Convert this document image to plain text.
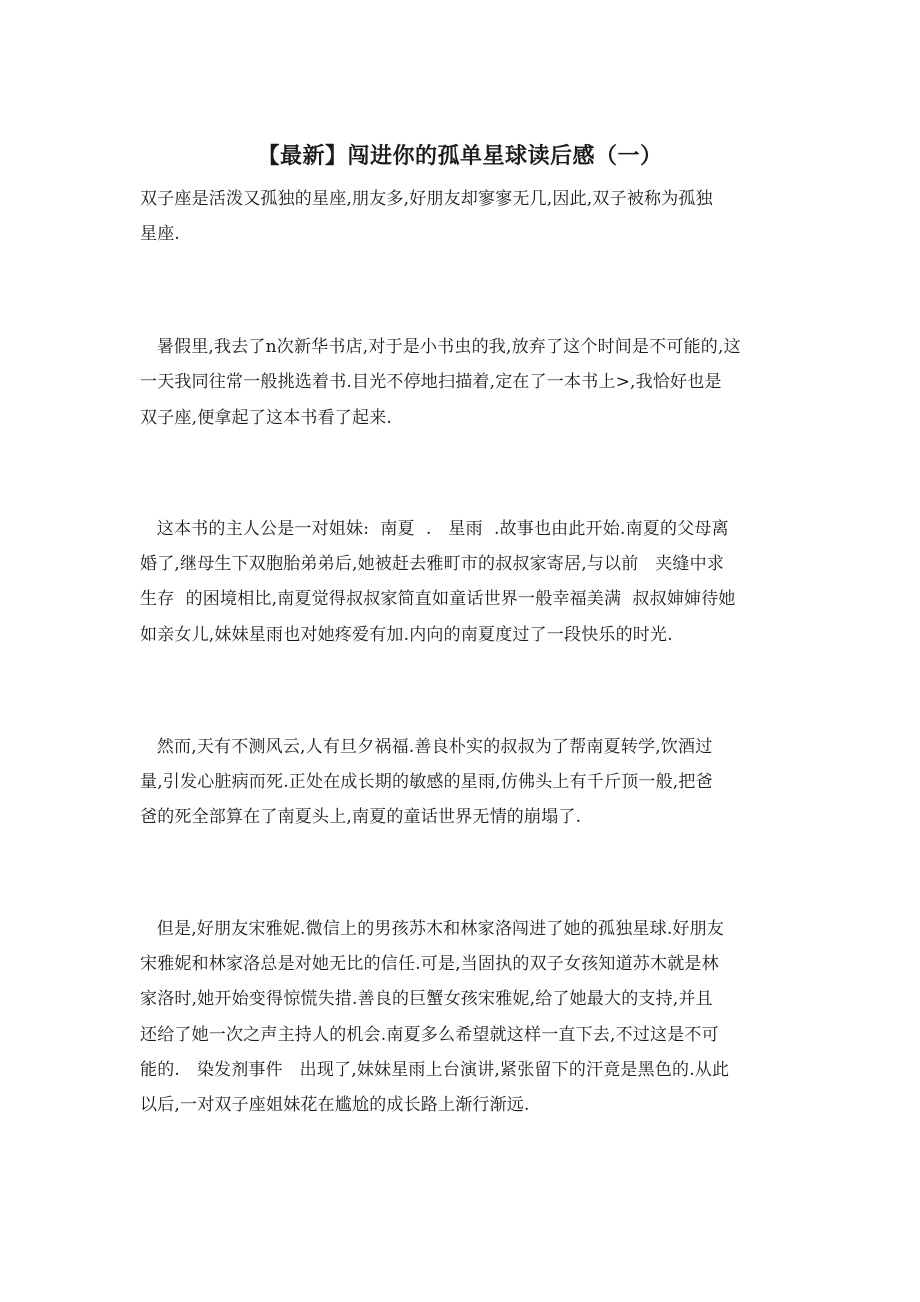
【最新】闯进你的孤单星球读后感（一）
双子座是活泼又孤独的星座,朋友多,好朋友却寥寥无几,因此,双子被称为孤独
星座.
暑假里,我去了n次新华书店,对于是小书虫的我,放弃了这个时间是不可能的,这
一天我同往常一般挑选着书.目光不停地扫描着,定在了一本书上>,我恰好也是
双子座,便拿起了这本书看了起来.
这本书的主人公是一对姐妹:  南夏  .   星雨  .故事也由此开始.南夏的父母离
婚了,继母生下双胞胎弟弟后,她被赶去雅町市的叔叔家寄居,与以前   夹缝中求
生存  的困境相比,南夏觉得叔叔家简直如童话世界一般幸福美满  叔叔婶婶待她
如亲女儿,妹妹星雨也对她疼爱有加.内向的南夏度过了一段快乐的时光.
然而,天有不测风云,人有旦夕祸福.善良朴实的叔叔为了帮南夏转学,饮酒过
量,引发心脏病而死.正处在成长期的敏感的星雨,仿佛头上有千斤顶一般,把爸
爸的死全部算在了南夏头上,南夏的童话世界无情的崩塌了.
但是,好朋友宋雅妮.微信上的男孩苏木和林家洛闯进了她的孤独星球.好朋友
宋雅妮和林家洛总是对她无比的信任.可是,当固执的双子女孩知道苏木就是林
家洛时,她开始变得惊慌失措.善良的巨蟹女孩宋雅妮,给了她最大的支持,并且
还给了她一次之声主持人的机会.南夏多么希望就这样一直下去,不过这是不可
能的.   染发剂事件   出现了,妹妹星雨上台演讲,紧张留下的汗竟是黑色的.从此
以后,一对双子座姐妹花在尴尬的成长路上渐行渐远.
